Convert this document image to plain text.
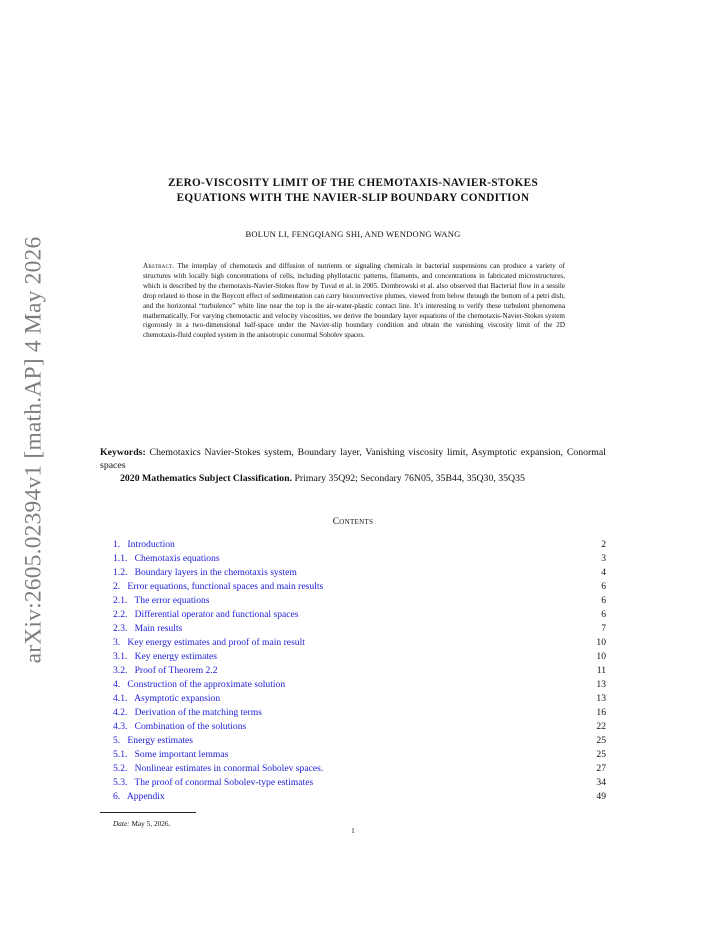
arXiv:2605.02394v1 [math.AP] 4 May 2026
ZERO-VISCOSITY LIMIT OF THE CHEMOTAXIS-NAVIER-STOKES
EQUATIONS WITH THE NAVIER-SLIP BOUNDARY CONDITION
BOLUN LI, FENGQIANG SHI, AND WENDONG WANG
Abstract. The interplay of chemotaxis and diffusion of nutrients or signaling chemicals in bacterial suspensions can produce a variety of structures with locally high concentrations of cells, including phyllotactic patterns, filaments, and concentrations in fabricated microstructures, which is described by the chemotaxis-Navier-Stokes flow by Tuval et al. in 2005. Dombrowski et al. also observed that Bacterial flow in a sessile drop related to those in the Boycott effect of sedimentation can carry bioconvective plumes, viewed from below through the bottom of a petri dish, and the horizontal “turbulence” white line near the top is the air-water-plastic contact line. It’s interesting to verify these turbulent phenomena mathematically. For varying chemotactic and velocity viscosities, we derive the boundary layer equations of the chemotaxis-Navier-Stokes system rigorously in a two-dimensional half-space under the Navier-slip boundary condition and obtain the vanishing viscosity limit of the 2D chemotaxis-fluid coupled system in the anisotropic conormal Sobolev spaces.
Keywords: Chemotaxics Navier-Stokes system, Boundary layer, Vanishing viscosity limit, Asymptotic expansion, Conormal spaces
2020 Mathematics Subject Classification. Primary 35Q92; Secondary 76N05, 35B44, 35Q30, 35Q35
Contents
1. Introduction	2
1.1. Chemotaxis equations	3
1.2. Boundary layers in the chemotaxis system	4
2. Error equations, functional spaces and main results	6
2.1. The error equations	6
2.2. Differential operator and functional spaces	6
2.3. Main results	7
3. Key energy estimates and proof of main result	10
3.1. Key energy estimates	10
3.2. Proof of Theorem 2.2	11
4. Construction of the approximate solution	13
4.1. Asymptotic expansion	13
4.2. Derivation of the matching terms	16
4.3. Combination of the solutions	22
5. Energy estimates	25
5.1. Some important lemmas	25
5.2. Nonlinear estimates in conormal Sobolev spaces.	27
5.3. The proof of conormal Sobolev-type estimates	34
6. Appendix	49
Date: May 5, 2026.
1
